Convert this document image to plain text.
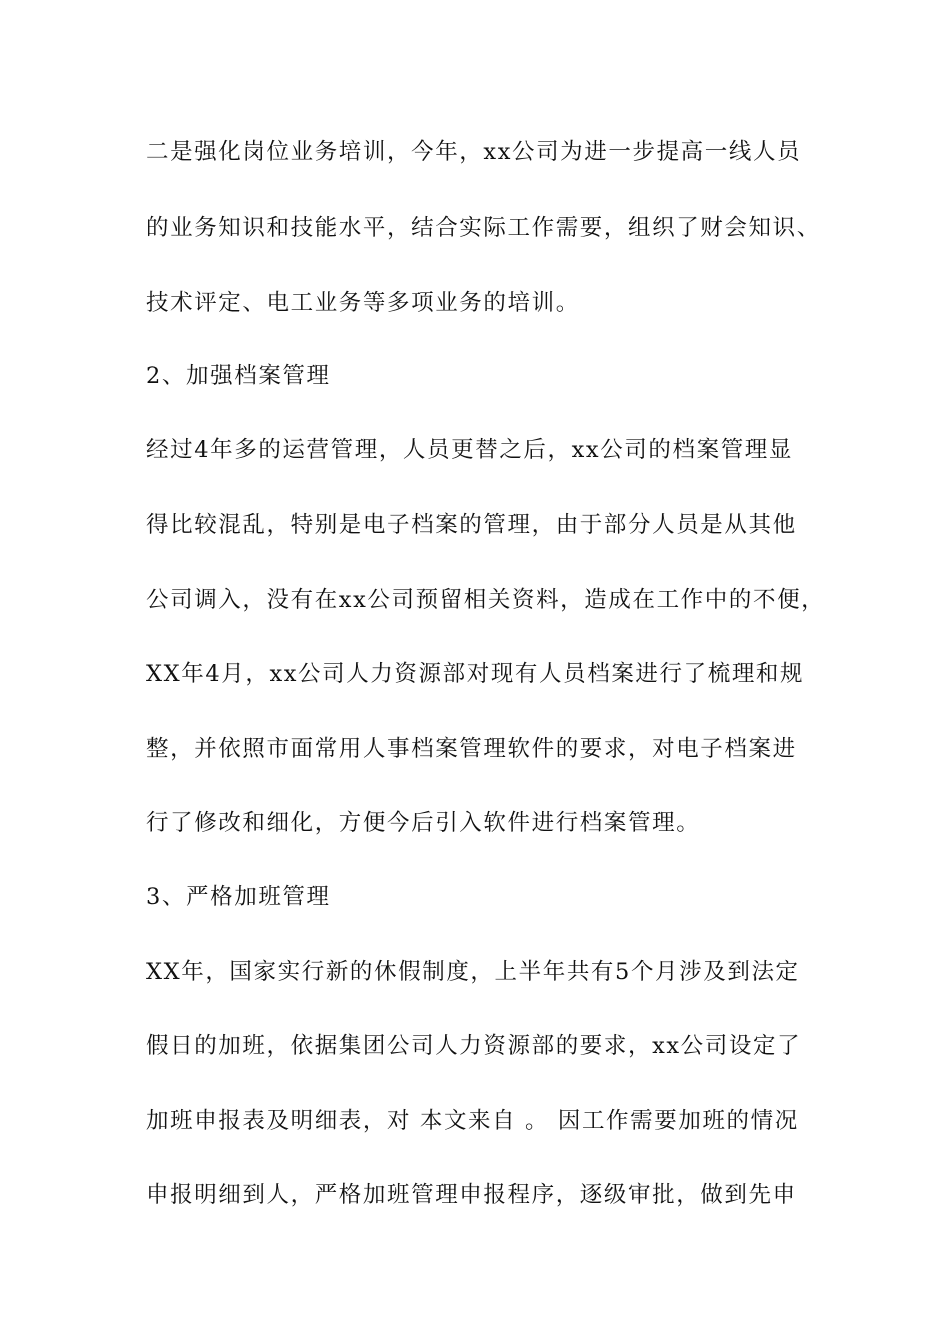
二是强化岗位业务培训，今年，xx公司为进一步提高一线人员
的业务知识和技能水平，结合实际工作需要，组织了财会知识、
技术评定、电工业务等多项业务的培训。
2、加强档案管理
经过4年多的运营管理，人员更替之后，xx公司的档案管理显
得比较混乱，特别是电子档案的管理，由于部分人员是从其他
公司调入，没有在xx公司预留相关资料，造成在工作中的不便，
XX年4月，xx公司人力资源部对现有人员档案进行了梳理和规
整，并依照市面常用人事档案管理软件的要求，对电子档案进
行了修改和细化，方便今后引入软件进行档案管理。
3、严格加班管理
XX年，国家实行新的休假制度，上半年共有5个月涉及到法定
假日的加班，依据集团公司人力资源部的要求，xx公司设定了
加班申报表及明细表，对 本文来自 。 因工作需要加班的情况
申报明细到人，严格加班管理申报程序，逐级审批，做到先申
